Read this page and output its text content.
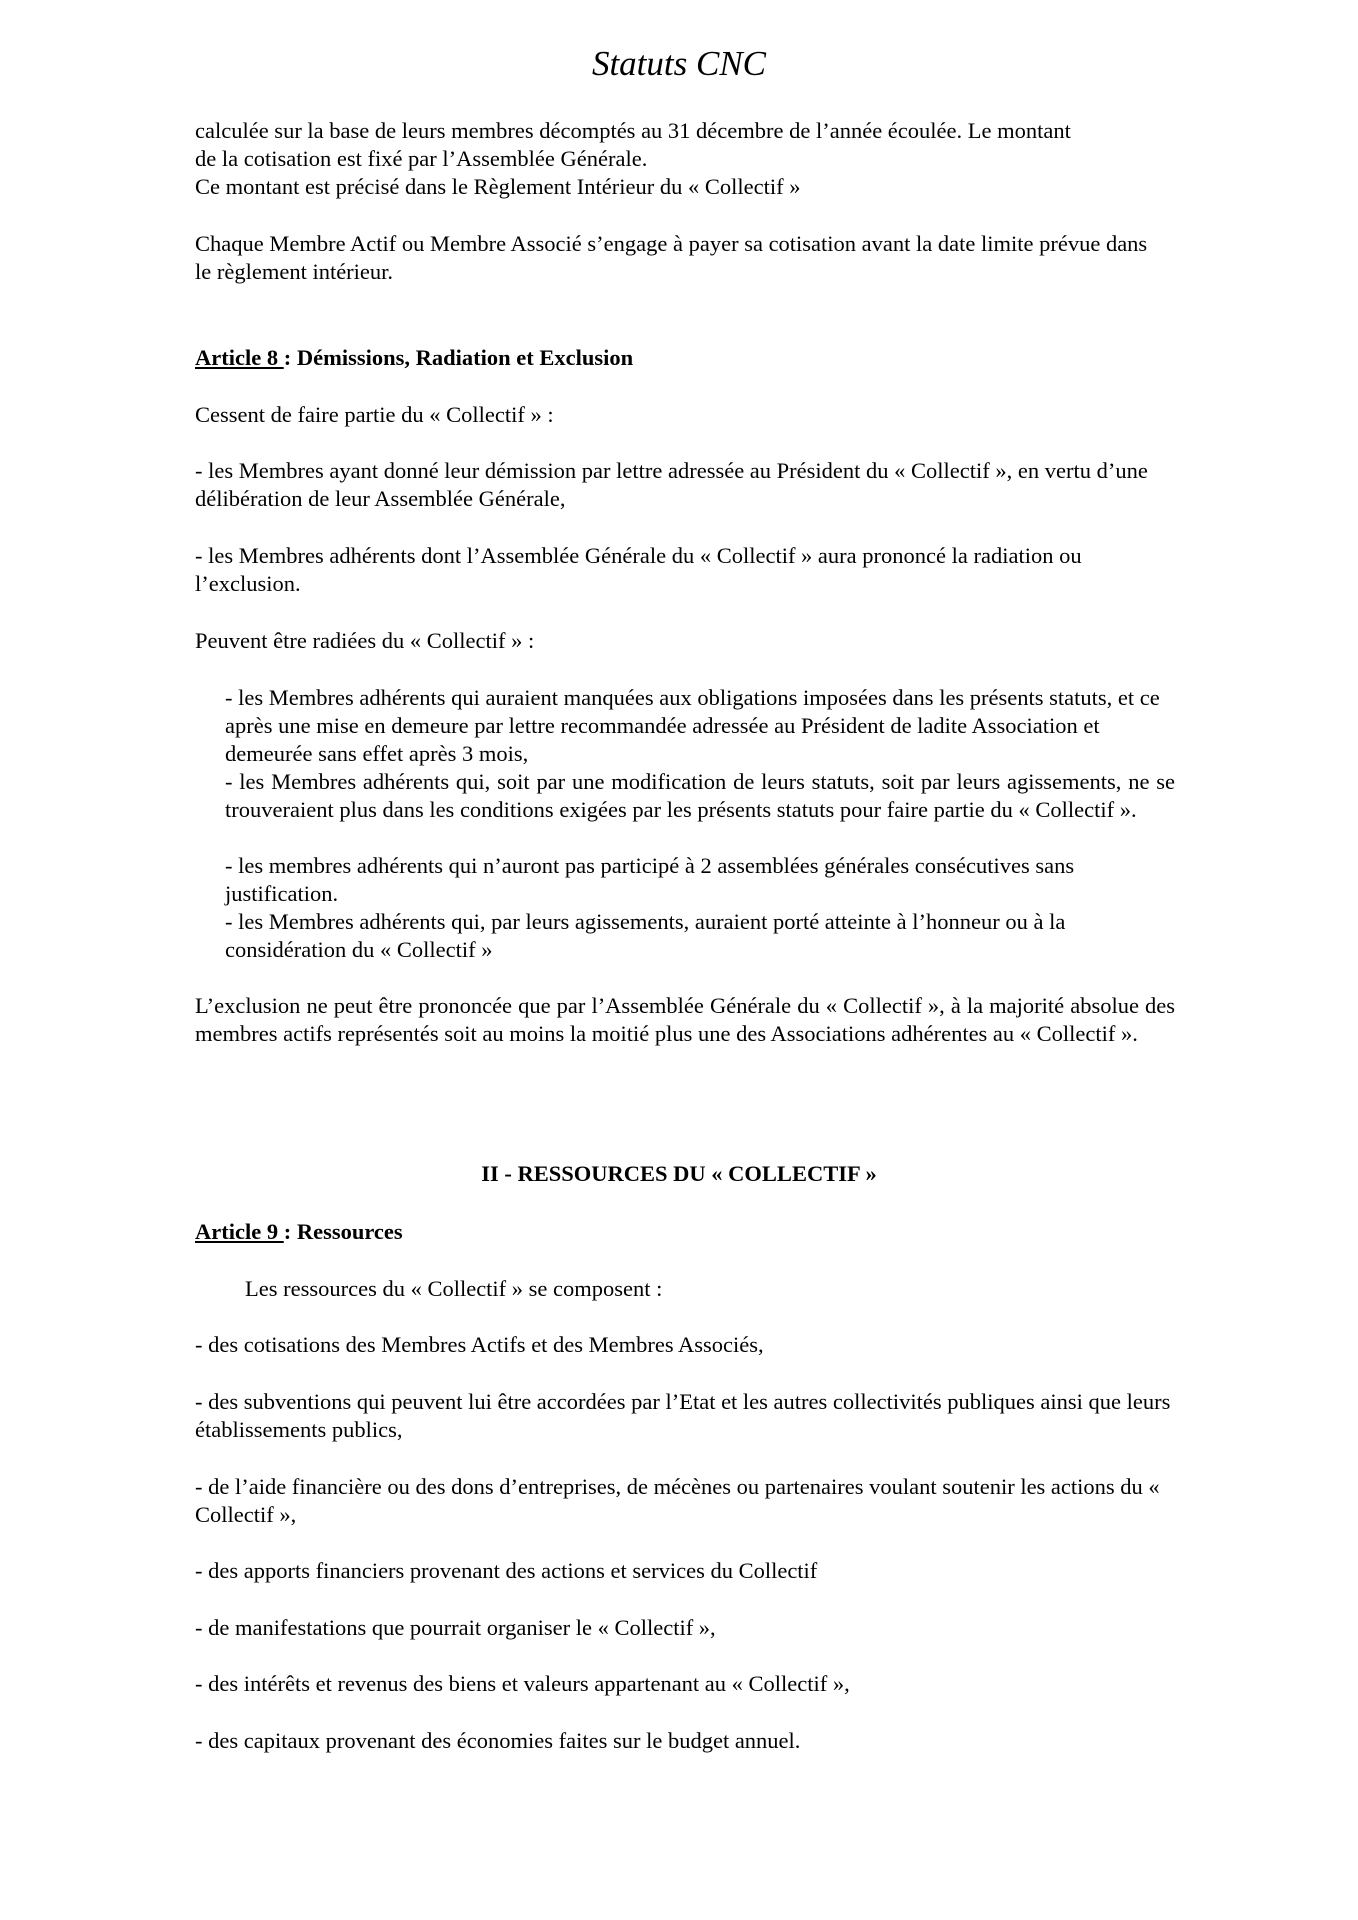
Statuts CNC

calculée sur la base de leurs membres décomptés au 31 décembre de l’année écoulée. Le montant

de la cotisation est fixé par l’Assemblée Générale.

Ce montant est précisé dans le Règlement Intérieur du « Collectif »

Chaque Membre Actif ou Membre Associé s’engage à payer sa cotisation avant la date limite prévue dans le règlement intérieur.

Article 8 : Démissions, Radiation et Exclusion

Cessent de faire partie du « Collectif » :

- les Membres ayant donné leur démission par lettre adressée au Président du « Collectif », en vertu d’une délibération de leur Assemblée Générale,

- les Membres adhérents dont l’Assemblée Générale du « Collectif » aura prononcé la radiation ou l’exclusion.

Peuvent être radiées du « Collectif » :

- les Membres adhérents qui auraient manquées aux obligations imposées dans les présents statuts, et ce après une mise en demeure par lettre recommandée adressée au Président de ladite Association et demeurée sans effet après 3 mois,

- les Membres adhérents qui, soit par une modification de leurs statuts, soit par leurs agissements, ne se trouveraient plus dans les conditions exigées par les présents statuts pour faire partie du « Collectif ».

- les membres adhérents qui n’auront pas participé à 2 assemblées générales consécutives sans justification.

- les Membres adhérents qui, par leurs agissements, auraient porté atteinte à l’honneur ou à la considération du « Collectif »

L’exclusion ne peut être prononcée que par l’Assemblée Générale du « Collectif », à la majorité absolue des membres actifs représentés soit au moins la moitié plus une des Associations adhérentes au « Collectif ».

II - RESSOURCES DU « COLLECTIF »

Article 9 : Ressources

Les ressources du « Collectif » se composent :

- des cotisations des Membres Actifs et des Membres Associés,

- des subventions qui peuvent lui être accordées par l’Etat et les autres collectivités publiques ainsi que leurs établissements publics,

- de l’aide financière ou des dons d’entreprises, de mécènes ou partenaires voulant soutenir les actions du « Collectif »,

- des apports financiers provenant des actions et services du Collectif

- de manifestations que pourrait organiser le « Collectif »,

- des intérêts et revenus des biens et valeurs appartenant au « Collectif »,

- des capitaux provenant des économies faites sur le budget annuel.
